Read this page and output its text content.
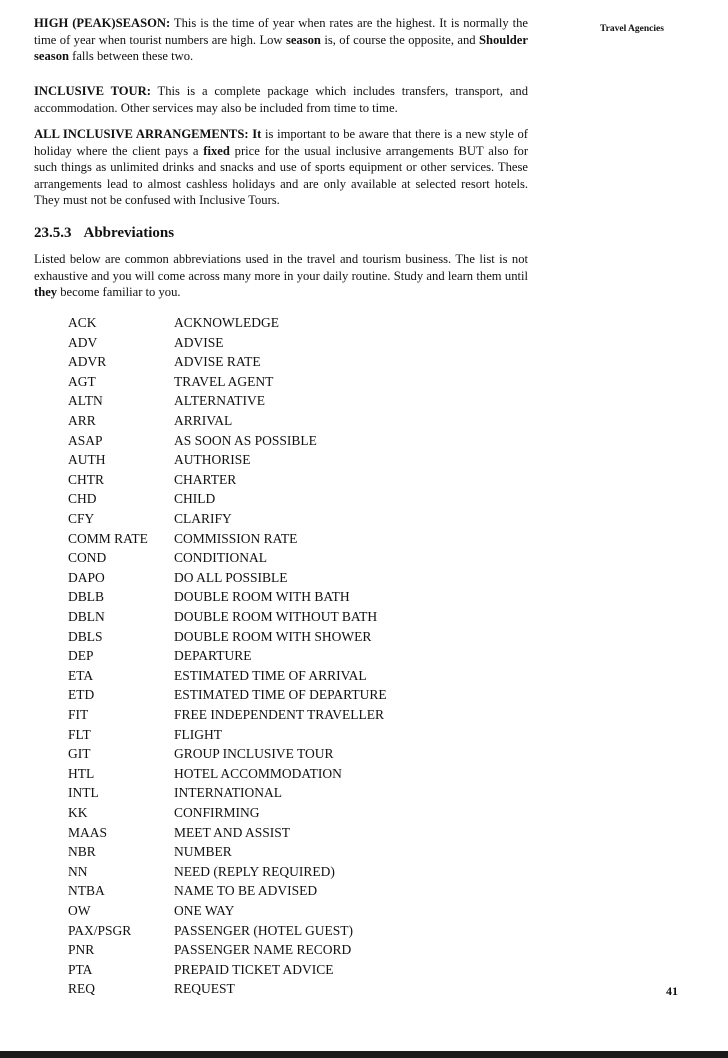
Travel Agencies

HIGH (PEAK)SEASON: This is the time of year when rates are the highest. It is normally the time of year when tourist numbers are high. Low season is, of course the opposite, and Shoulder season falls between these two.

INCLUSIVE TOUR: This is a complete package which includes transfers, transport, and accommodation. Other services may also be included from time to time.

ALL INCLUSIVE ARRANGEMENTS: It is important to be aware that there is a new style of holiday where the client pays a fixed price for the usual inclusive arrangements BUT also for such things as unlimited drinks and snacks and use of sports equipment or other services. These arrangements lead to almost cashless holidays and are only available at selected resort hotels. They must not be confused with Inclusive Tours.

23.5.3 Abbreviations

Listed below are common abbreviations used in the travel and tourism business. The list is not exhaustive and you will come across many more in your daily routine. Study and learn them until they become familiar to you.

ACK	ACKNOWLEDGE
ADV	ADVISE
ADVR	ADVISE RATE
AGT	TRAVEL AGENT
ALTN	ALTERNATIVE
ARR	ARRIVAL
ASAP	AS SOON AS POSSIBLE
AUTH	AUTHORISE
CHTR	CHARTER
CHD	CHILD
CFY	CLARIFY
COMM RATE	COMMISSION RATE
COND	CONDITIONAL
DAPO	DO ALL POSSIBLE
DBLB	DOUBLE ROOM WITH BATH
DBLN	DOUBLE ROOM WITHOUT BATH
DBLS	DOUBLE ROOM WITH SHOWER
DEP	DEPARTURE
ETA	ESTIMATED TIME OF ARRIVAL
ETD	ESTIMATED TIME OF DEPARTURE
FIT	FREE INDEPENDENT TRAVELLER
FLT	FLIGHT
GIT	GROUP INCLUSIVE TOUR
HTL	HOTEL ACCOMMODATION
INTL	INTERNATIONAL
KK	CONFIRMING
MAAS	MEET AND ASSIST
NBR	NUMBER
NN	NEED (REPLY REQUIRED)
NTBA	NAME TO BE ADVISED
OW	ONE WAY
PAX/PSGR	PASSENGER (HOTEL GUEST)
PNR	PASSENGER NAME RECORD
PTA	PREPAID TICKET ADVICE
REQ	REQUEST	41
